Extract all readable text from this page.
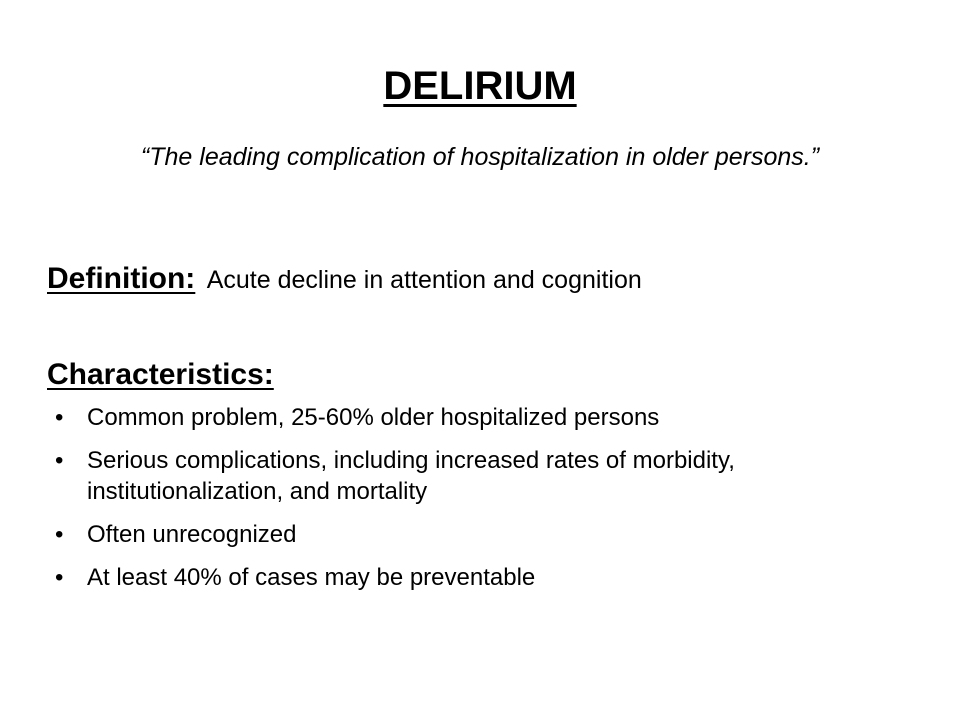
DELIRIUM
“The leading complication of hospitalization in older persons.”
Definition: Acute decline in attention and cognition
Characteristics:
• Common problem, 25-60% older hospitalized persons
• Serious complications, including increased rates of morbidity, institutionalization, and mortality
• Often unrecognized
• At least 40% of cases may be preventable
